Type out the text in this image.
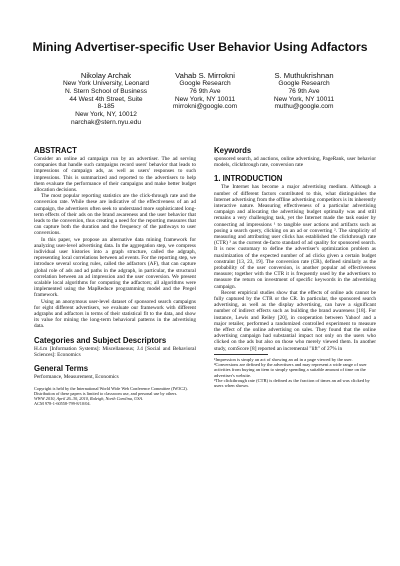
Mining Advertiser-specific User Behavior Using Adfactors
Nikolay Archak
New York University, Leonard
N. Stern School of Business
44 West 4th Street, Suite
8-185
New York, NY, 10012
narchak@stern.nyu.edu
Vahab S. Mirrokni
Google Research
76 9th Ave
New York, NY 10011
mirrokni@google.com
S. Muthukrishnan
Google Research
76 9th Ave
New York, NY 10011
muthu@google.com
ABSTRACT

Consider an online ad campaign run by an advertiser. The ad serving companies that handle such campaigns record users' behavior that leads to impressions of campaign ads, as well as users' responses to such impressions. This is summarized and reported to the advertisers to help them evaluate the performance of their campaigns and make better budget allocation decisions.

The most popular reporting statistics are the click-through rate and the conversion rate. While these are indicative of the effectiveness of an ad campaign, the advertisers often seek to understand more sophisticated long-term effects of their ads on the brand awareness and the user behavior that leads to the conversion, thus creating a need for the reporting measures that can capture both the duration and the frequency of the pathways to user conversions.

In this paper, we propose an alternative data mining framework for analyzing user-level advertising data. In the aggregation step, we compress individual user histories into a graph structure, called the adgraph, representing local correlations between ad events. For the reporting step, we introduce several scoring rules, called the adfactors (AF), that can capture global role of ads and ad paths in the adgraph, in particular, the structural correlation between an ad impression and the user conversion. We present scalable local algorithms for computing the adfactors; all algorithms were implemented using the MapReduce programming model and the Pregel framework.

Using an anonymous user-level dataset of sponsored search campaigns for eight different advertisers, we evaluate our framework with different adgraphs and adfactors in terms of their statistical fit to the data, and show its value for mining the long-term behavioral patterns in the advertising data.

Categories and Subject Descriptors

H.4.m [Information Systems]: Miscellaneous; J.4 [Social and Behavioral Sciences]: Economics

General Terms

Performance, Measurement, Economics

Copyright is held by the International World Wide Web Conference Committee (IW3C2). Distribution of these papers is limited to classroom use, and personal use by others.

WWW 2010, April 26–30, 2010, Raleigh, North Carolina, USA.

ACM 978-1-60558-799-8/10/04.

Keywords

sponsored search, ad auctions, online advertising, PageRank, user behavior models, clickthrough rate, conversion rate

1. INTRODUCTION

The Internet has become a major advertising medium. Although a number of different factors contributed to this, what distinguishes the Internet advertising from the offline advertising competitors is its inherently interactive nature. Measuring effectiveness of a particular advertising campaign and allocating the advertising budget optimally was and still remains a very challenging task, yet the Internet made the task easier by connecting ad impressions ¹ to tangible user actions and artifacts such as posing a search query, clicking on an ad or converting ². The simplicity of measuring and attributing user clicks has established the clickthrough rate (CTR) ³ as the current de-facto standard of ad quality for sponsored search. It is now customary to define the advertiser's optimization problem as maximization of the expected number of ad clicks given a certain budget constraint [13, 23, 19]. The conversion rate (CR), defined similarly as the probability of the user conversion, is another popular ad effectiveness measure; together with the CTR it is frequently used by the advertisers to measure the return on investment of specific keywords in the advertising campaign.

Recent empirical studies show that the effects of online ads cannot be fully captured by the CTR or the CR. In particular, the sponsored search advertising, as well as the display advertising, can have a significant number of indirect effects such as building the brand awareness [18]. For instance, Lewis and Reiley [20], in cooperation between Yahoo! and a major retailer, performed a randomized controlled experiment to measure the effect of the online advertising on sales. They found that the online advertising campaign had substantial impact not only on the users who clicked on the ads but also on those who merely viewed them. In another study, comScore [8] reported an incremental "lift" of 27% in

¹Impression is simply an act of showing an ad in a page viewed by the user.

²Conversions are defined by the advertisers and may represent a wide range of user activities from buying an item to simply spending a suitable amount of time on the advertiser's website.

³The clickthrough rate (CTR) is defined as the fraction of times an ad was clicked by users when shown.
